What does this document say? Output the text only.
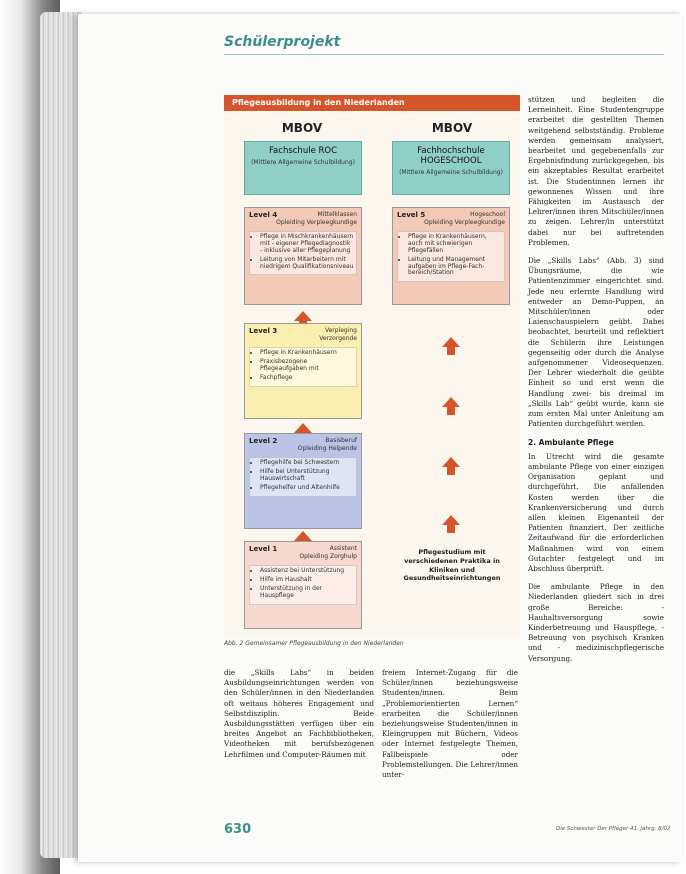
Schülerprojekt
Pflegeausbildung in den Niederlanden
MBOV	MBOV
Fachschule ROC
(Mittlere Allgemeine Schulbildung)
Fachhochschule HOGESCHOOL
(Mittlere Allgemeine Schulbildung)
Level 4	Mittelklassen
Opleiding Verpleegkundige
• Pflege in Mischkrankenhäusern mit - eigener Pflegediagnostik - inklusive aller Pflegeplanung
• Leitung von Mitarbeitern mit niedrigem Qualifikationsniveau
Level 5	Hogeschool
Opleiding Verpleegkundige
• Pflege in Krankenhäusern, auch mit schwierigen Pflegefällen
• Leitung und Management aufgaben im Pflege-Fach- bereich/Station
Level 3	Verpleging
Verzorgende
• Pflege in Krankenhäusern
• Praxisbezogene Pflegeaufgaben mit
• Fachpflege
Level 2	Basisberuf
Opleiding Helpende
• Pflegehilfe bei Schwestern
• Hilfe bei Unterstützung Hauswirtschaft
• Pflegehelfer und Altenhilfe
Level 1	Assistent
Opleiding Zorghulp
• Assistenz bei Unterstützung
• Hilfe im Haushalt
• Unterstützung in der Hauspflege
Pflegestudium mit verschiedenen Praktika in Kliniken und Gesundheitseinrichtungen
Abb. 2 Gemeinsamer Pflegeausbildung in den Niederlanden

die „Skills Labs“ in beiden Ausbildungseinrichtungen werden von den Schüler/innen in den Niederlanden oft weitaus höheres Engagement und Selbstdisziplin. Beide Ausbildungsstätten verfügen über ein breites Angebot an Fachbibliotheken, Videotheken mit berufsbezogenen Lehrfilmen und Computer-Räumen mit

freiem Internet-Zugang für die Schüler/innen beziehungsweise Studenten/innen. Beim „Problemorientierten Lernen“ erarbeiten die Schüler/innen beziehungsweise Studenten/innen in Kleingruppen mit Büchern, Videos oder Internet festgelegte Themen, Fallbeispiele oder Problemstellungen. Die Lehrer/innen unter-

stützen und begleiten die Lerneinheit. Eine Studentengruppe erarbeitet die gestellten Themen weitgehend selbstständig. Probleme werden gemeinsam analysiert, bearbeitet und gegebenenfalls zur Ergebnisfindung zurückgegeben, bis ein akzeptables Resultat erarbeitet ist. Die Studentinnen lernen ihr gewonnenes Wissen und ihre Fähigkeiten im Austausch der Lehrer/innen ihren Mitschüler/innen zu zeigen. Lehrer/in unterstützt dabei nur bei auftretenden Problemen.

Die „Skills Labs“ (Abb. 3) sind Übungsräume, die wie Patientenzimmer eingerichtet sind. Jede neu erlernte Handlung wird entweder an Demo-Puppen, an Mitschüler/innen oder Laienschauspielern geübt. Dabei beobachtet, beurteilt und reflektiert die Schülerin ihre Leistungen gegenseitig oder durch die Analyse aufgenommener Videosequenzen. Der Lehrer wiederholt die geübte Einheit so und erst wenn die Handlung zwei- bis dreimal im „Skills Lab“ geübt wurde, kann sie zum ersten Mal unter Anleitung am Patienten durchgeführt werden.

2. Ambulante Pflege

In Utrecht wird die gesamte ambulante Pflege von einer einzigen Organisation geplant und durchgeführt. Die anfallenden Kosten werden über die Krankenversicherung und durch allen kleinen Eigenanteil der Patienten finanziert. Der zeitliche Zeitaufwand für die erforderlichen Maßnahmen wird von einem Gutachter festgelegt und im Abschluss überprüft.

Die ambulante Pflege in den Niederlanden gliedert sich in drei große Bereiche: - Hauhaltsversorgung sowie Kinderbetreuung und Hauspflege, - Betreuung von psychisch Kranken und - medizinischpflegerische Versorgung.

630	Die Schwester Der Pfleger 41. Jahrg. 8/02
